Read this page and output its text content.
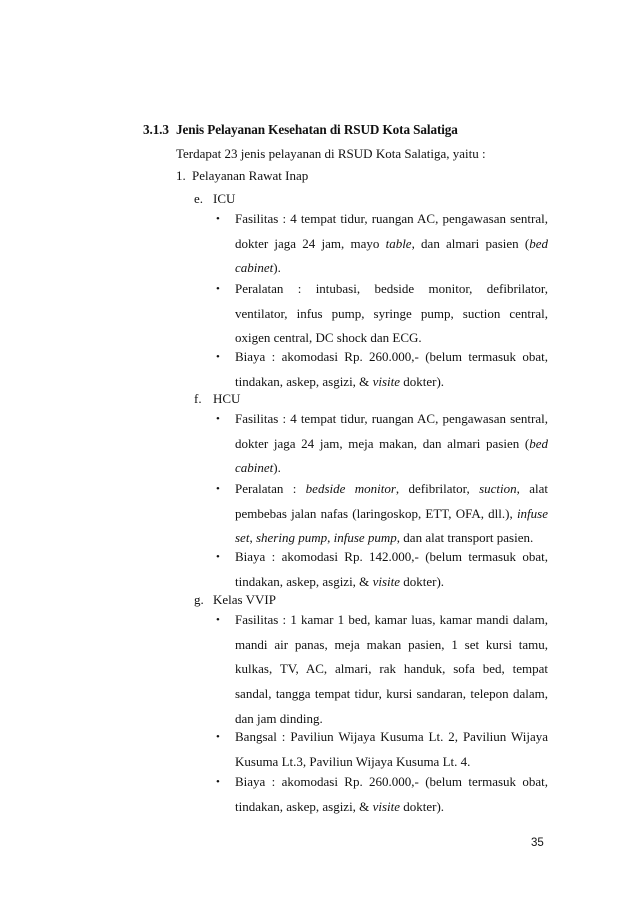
3.1.3 Jenis Pelayanan Kesehatan di RSUD Kota Salatiga
Terdapat 23 jenis pelayanan di RSUD Kota Salatiga, yaitu :
1. Pelayanan Rawat Inap
e. ICU
•	Fasilitas : 4 tempat tidur, ruangan AC, pengawasan sentral, dokter jaga 24 jam, mayo table, dan almari pasien (bed cabinet).
•	Peralatan : intubasi, bedside monitor, defibrilator, ventilator, infus pump, syringe pump, suction central, oxigen central, DC shock dan ECG.
•	Biaya : akomodasi Rp. 260.000,- (belum termasuk obat, tindakan, askep, asgizi, & visite dokter).
f. HCU
•	Fasilitas : 4 tempat tidur, ruangan AC, pengawasan sentral, dokter jaga 24 jam, meja makan, dan almari pasien (bed cabinet).
•	Peralatan : bedside monitor, defibrilator, suction, alat pembebas jalan nafas (laringoskop, ETT, OFA, dll.), infuse set, shering pump, infuse pump, dan alat transport pasien.
•	Biaya : akomodasi Rp. 142.000,- (belum termasuk obat, tindakan, askep, asgizi, & visite dokter).
g. Kelas VVIP
•	Fasilitas : 1 kamar 1 bed, kamar luas, kamar mandi dalam, mandi air panas, meja makan pasien, 1 set kursi tamu, kulkas, TV, AC, almari, rak handuk, sofa bed, tempat sandal, tangga tempat tidur, kursi sandaran, telepon dalam, dan jam dinding.
•	Bangsal : Paviliun Wijaya Kusuma Lt. 2, Paviliun Wijaya Kusuma Lt.3, Paviliun Wijaya Kusuma Lt. 4.
•	Biaya : akomodasi Rp. 260.000,- (belum termasuk obat, tindakan, askep, asgizi, & visite dokter).
35
